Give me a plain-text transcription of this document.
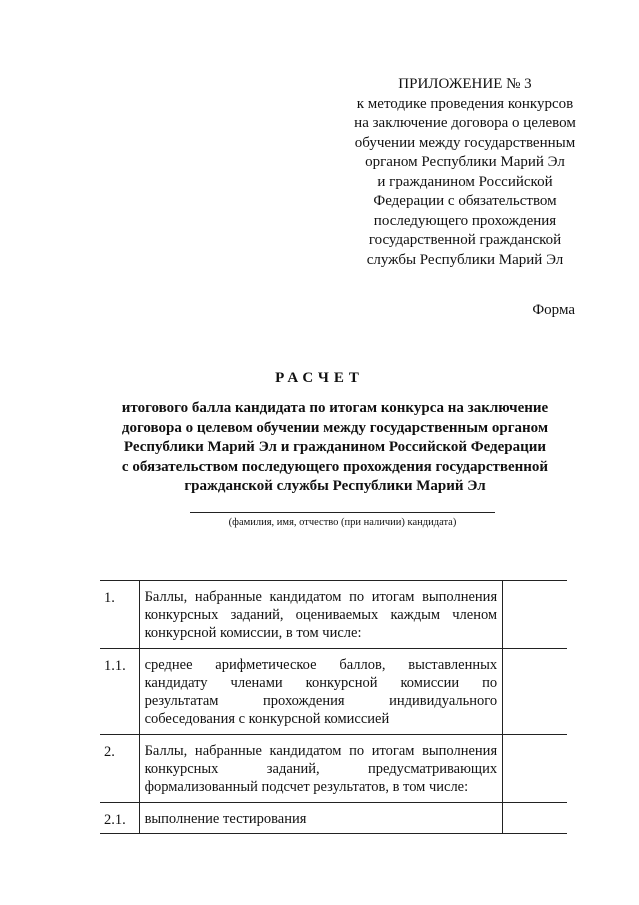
ПРИЛОЖЕНИЕ № 3
к методике проведения конкурсов
на заключение договора о целевом
обучении между государственным
органом Республики Марий Эл
и гражданином Российской
Федерации с обязательством
последующего прохождения
государственной гражданской
службы Республики Марий Эл
Форма
РАСЧЕТ
итогового балла кандидата по итогам конкурса на заключение
договора о целевом обучении между государственным органом
Республики Марий Эл и гражданином Российской Федерации
с обязательством последующего прохождения государственной
гражданской службы Республики Марий Эл
(фамилия, имя, отчество (при наличии) кандидата)
1.	Баллы, набранные кандидатом по итогам выполнения конкурсных заданий, оцениваемых каждым членом конкурсной комиссии, в том числе:	
1.1.	среднее арифметическое баллов, выставленных кандидату членами конкурсной комиссии по результатам прохождения индивидуального собеседования с конкурсной комиссией	
2.	Баллы, набранные кандидатом по итогам выполнения конкурсных заданий, предусматривающих формализованный подсчет результатов, в том числе:	
2.1.	выполнение тестирования	
